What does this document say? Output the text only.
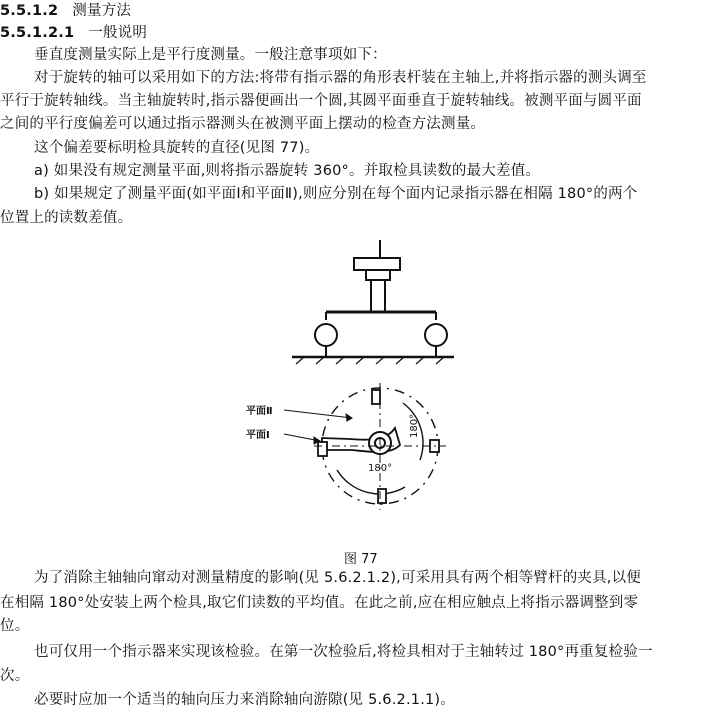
5.5.1.2 测量方法
5.5.1.2.1 一般说明
垂直度测量实际上是平行度测量。一般注意事项如下：
对于旋转的轴可以采用如下的方法:将带有指示器的角形表杆装在主轴上,并将指示器的测头调至
平行于旋转轴线。当主轴旋转时,指示器便画出一个圆,其圆平面垂直于旋转轴线。被测平面与圆平面
之间的平行度偏差可以通过指示器测头在被测平面上摆动的检查方法测量。
这个偏差要标明检具旋转的直径(见图 77)。
a) 如果没有规定测量平面,则将指示器旋转 360°。并取检具读数的最大差值。
b) 如果规定了测量平面(如平面Ⅰ和平面Ⅱ),则应分别在每个面内记录指示器在相隔 180°的两个
位置上的读数差值。
平面Ⅱ
平面Ⅰ
180°
180°
图 77
为了消除主轴轴向窜动对测量精度的影响(见 5.6.2.1.2),可采用具有两个相等臂杆的夹具,以便
在相隔 180°处安装上两个检具,取它们读数的平均值。在此之前,应在相应触点上将指示器调整到零
位。
也可仅用一个指示器来实现该检验。在第一次检验后,将检具相对于主轴转过 180°再重复检验一
次。
必要时应加一个适当的轴向压力来消除轴向游隙(见 5.6.2.1.1)。
